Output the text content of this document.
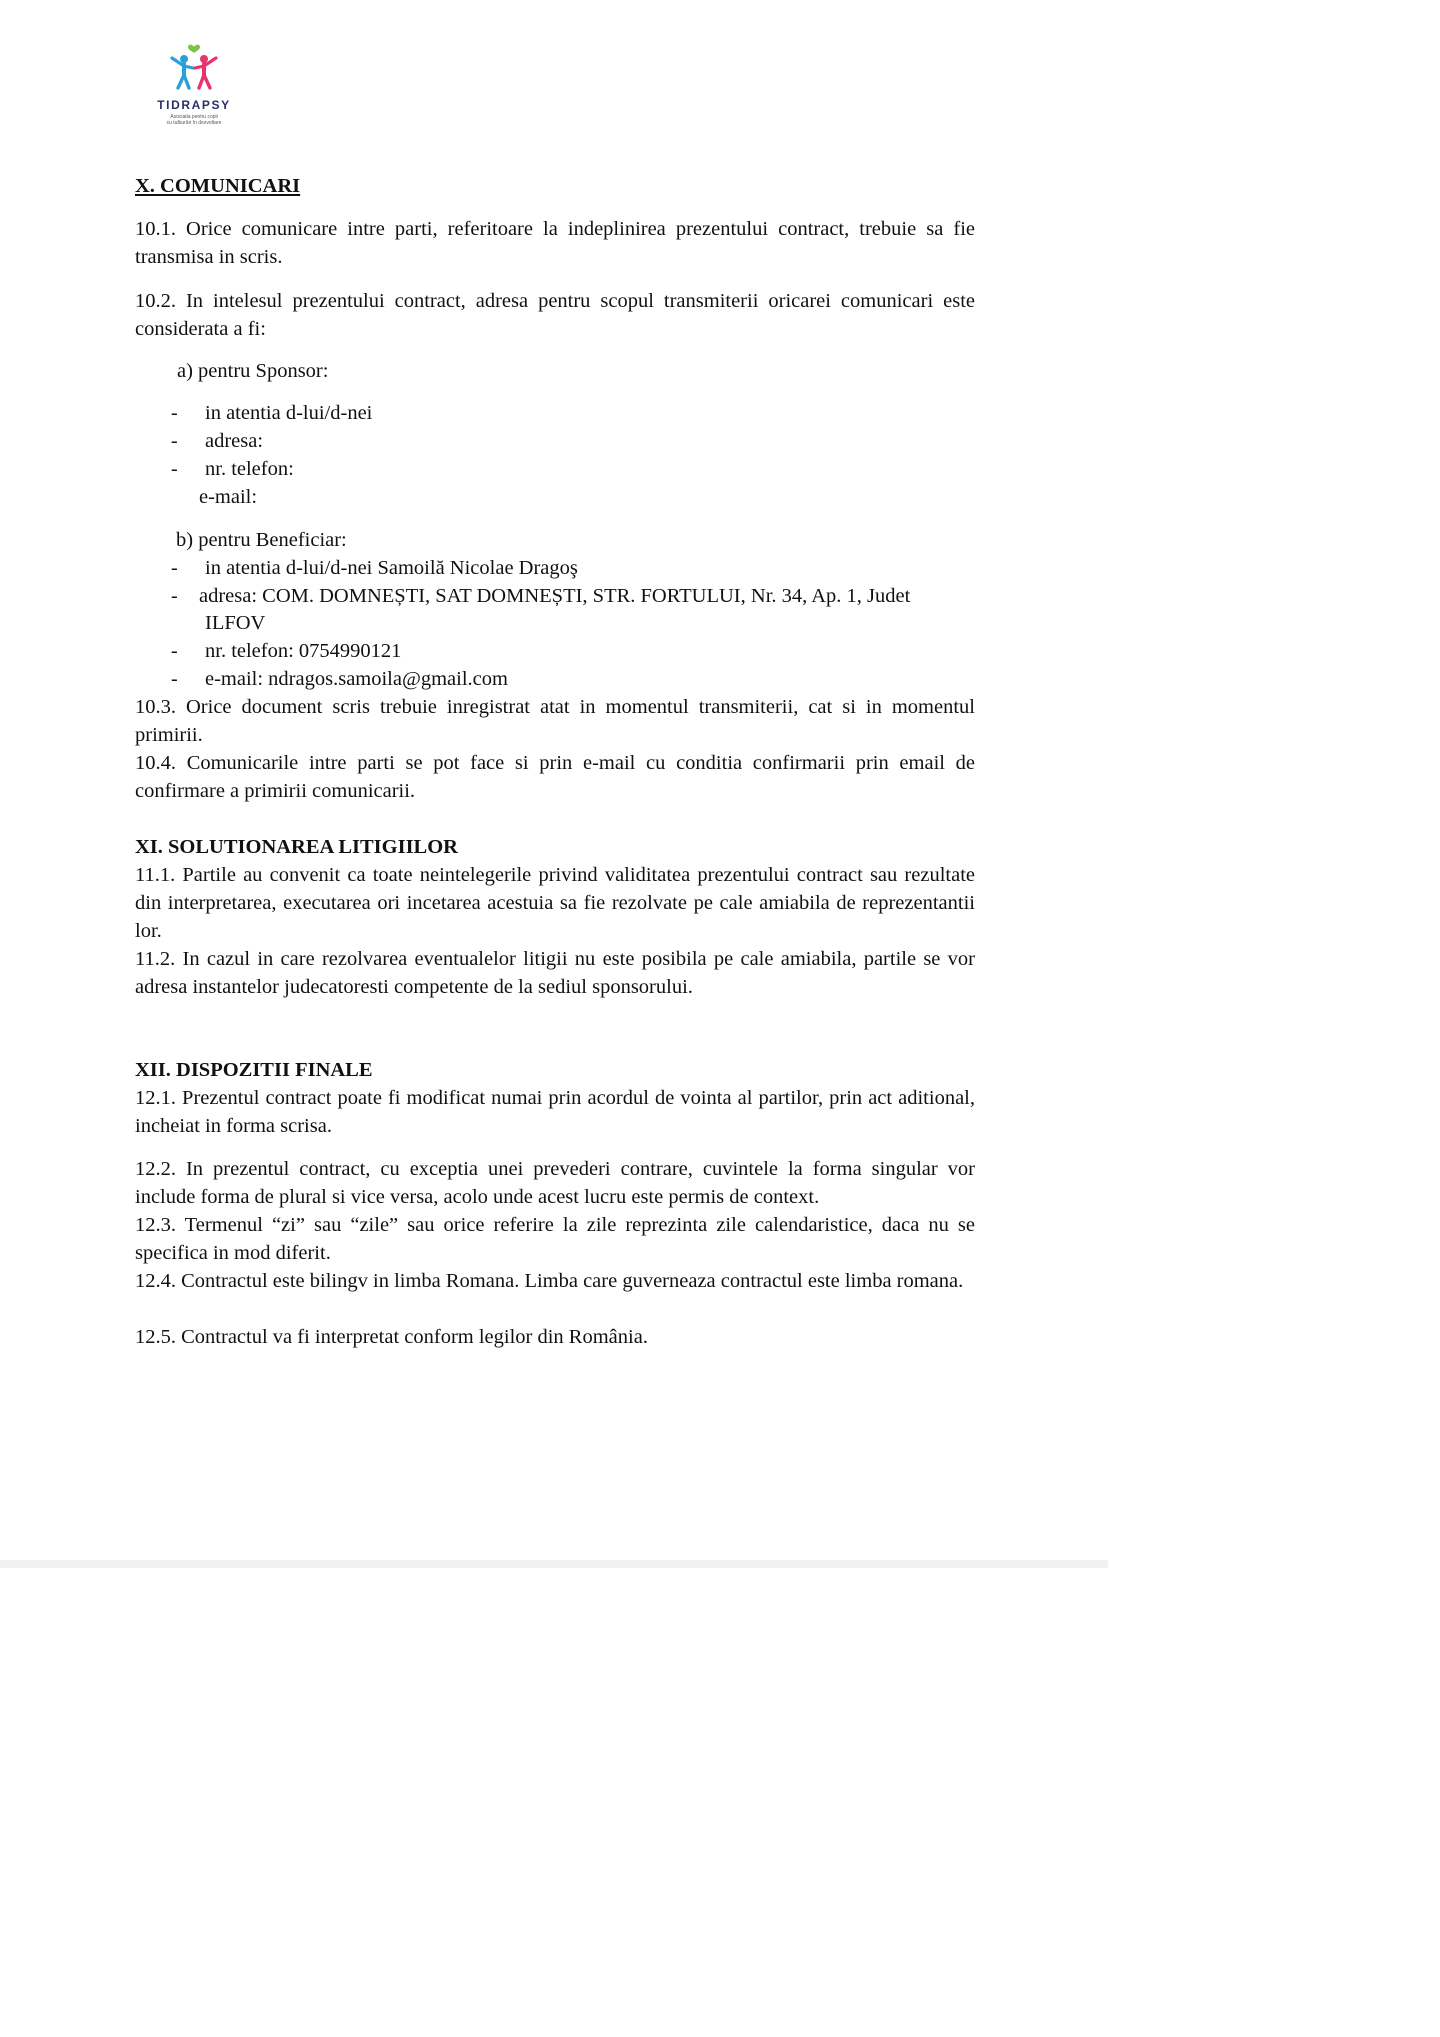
TIDRAPSY
Asociatia pentru copii
cu tulburări în dezvoltare
X. COMUNICARI

10.1. Orice comunicare intre parti, referitoare la indeplinirea prezentului contract, trebuie sa fie transmisa in scris.

10.2. In intelesul prezentului contract, adresa pentru scopul transmiterii oricarei comunicari este considerata a fi:

a) pentru Sponsor:
- in atentia d-lui/d-nei
- adresa:
- nr. telefon:
e-mail:
b) pentru Beneficiar:
- in atentia d-lui/d-nei Samoilă Nicolae Dragoş
- adresa: COM. DOMNEȘTI, SAT DOMNEȘTI, STR. FORTULUI, Nr. 34, Ap. 1, Judet
ILFOV
- nr. telefon: 0754990121
- e-mail: ndragos.samoila@gmail.com

10.3. Orice document scris trebuie inregistrat atat in momentul transmiterii, cat si in momentul primirii.

10.4. Comunicarile intre parti se pot face si prin e-mail cu conditia confirmarii prin email de confirmare a primirii comunicarii.

XI. SOLUTIONAREA LITIGIILOR

11.1. Partile au convenit ca toate neintelegerile privind validitatea prezentului contract sau rezultate din interpretarea, executarea ori incetarea acestuia sa fie rezolvate pe cale amiabila de reprezentantii lor.

11.2. In cazul in care rezolvarea eventualelor litigii nu este posibila pe cale amiabila, partile se vor adresa instantelor judecatoresti competente de la sediul sponsorului.

XII. DISPOZITII FINALE

12.1. Prezentul contract poate fi modificat numai prin acordul de vointa al partilor, prin act aditional, incheiat in forma scrisa.

12.2. In prezentul contract, cu exceptia unei prevederi contrare, cuvintele la forma singular vor include forma de plural si vice versa, acolo unde acest lucru este permis de context.

12.3. Termenul “zi” sau “zile” sau orice referire la zile reprezinta zile calendaristice, daca nu se specifica in mod diferit.

12.4. Contractul este bilingv in limba Romana. Limba care guverneaza contractul este limba romana.

12.5. Contractul va fi interpretat conform legilor din România.
